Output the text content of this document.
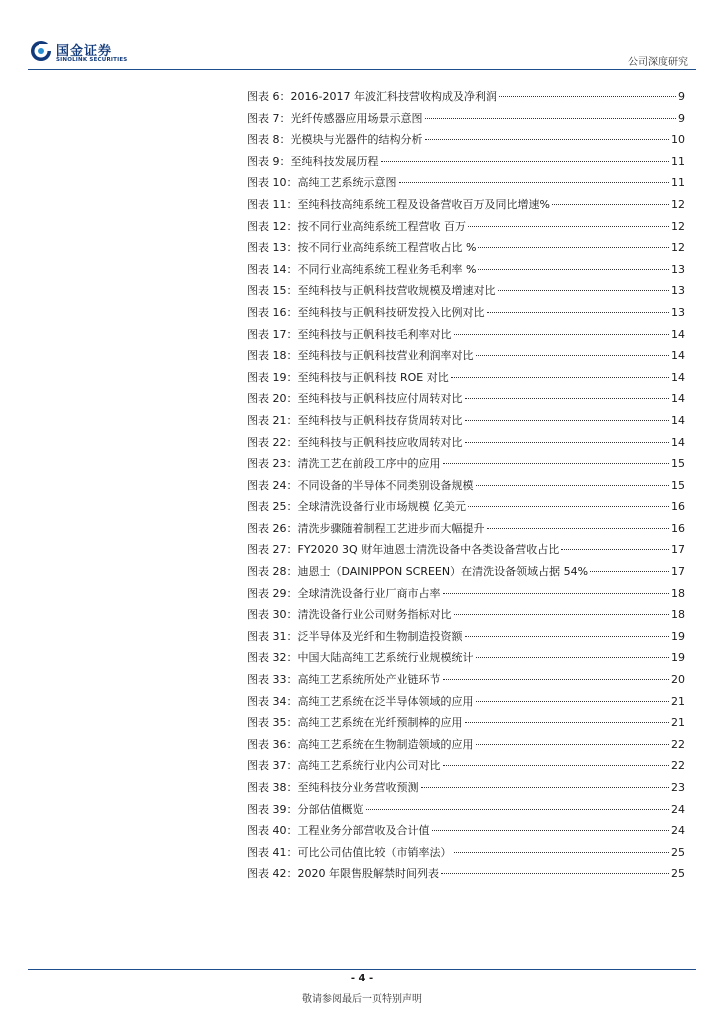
国金证券
SINOLINK SECURITIES	公司深度研究
图表 6： 2016-2017 年波汇科技营收构成及净利润	9
图表 7： 光纤传感器应用场景示意图	9
图表 8： 光模块与光器件的结构分析	10
图表 9： 至纯科技发展历程	11
图表 10： 高纯工艺系统示意图	11
图表 11： 至纯科技高纯系统工程及设备营收百万及同比增速%	12
图表 12： 按不同行业高纯系统工程营收 百万	12
图表 13： 按不同行业高纯系统工程营收占比 %	12
图表 14： 不同行业高纯系统工程业务毛利率 %	13
图表 15： 至纯科技与正帆科技营收规模及增速对比	13
图表 16： 至纯科技与正帆科技研发投入比例对比	13
图表 17： 至纯科技与正帆科技毛利率对比	14
图表 18： 至纯科技与正帆科技营业利润率对比	14
图表 19： 至纯科技与正帆科技 ROE 对比	14
图表 20： 至纯科技与正帆科技应付周转对比	14
图表 21： 至纯科技与正帆科技存货周转对比	14
图表 22： 至纯科技与正帆科技应收周转对比	14
图表 23： 清洗工艺在前段工序中的应用	15
图表 24： 不同设备的半导体不同类别设备规模	15
图表 25： 全球清洗设备行业市场规模 亿美元	16
图表 26： 清洗步骤随着制程工艺进步而大幅提升	16
图表 27： FY2020 3Q 财年迪恩士清洗设备中各类设备营收占比	17
图表 28： 迪恩士（DAINIPPON SCREEN）在清洗设备领域占据 54%	17
图表 29： 全球清洗设备行业厂商市占率	18
图表 30： 清洗设备行业公司财务指标对比	18
图表 31： 泛半导体及光纤和生物制造投资额	19
图表 32： 中国大陆高纯工艺系统行业规模统计	19
图表 33： 高纯工艺系统所处产业链环节	20
图表 34： 高纯工艺系统在泛半导体领域的应用	21
图表 35： 高纯工艺系统在光纤预制棒的应用	21
图表 36： 高纯工艺系统在生物制造领域的应用	22
图表 37： 高纯工艺系统行业内公司对比	22
图表 38： 至纯科技分业务营收预测	23
图表 39： 分部估值概览	24
图表 40： 工程业务分部营收及合计值	24
图表 41： 可比公司估值比较（市销率法）	25
图表 42： 2020 年限售股解禁时间列表	25
- 4 -
敬请参阅最后一页特别声明
